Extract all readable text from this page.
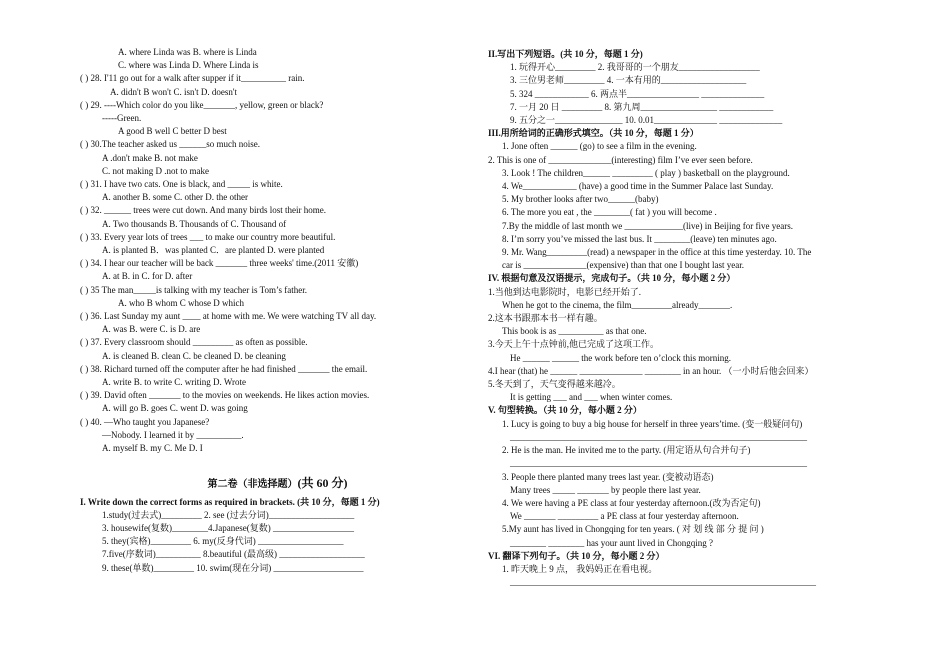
A. where Linda was B. where is Linda
C. where was Linda D. Where Linda is
( ) 28. I'11 go out for a walk after supper if it__________ rain.
A. didn't B won't C. isn't D. doesn't
( ) 29. ----Which color do you like_______, yellow, green or black?
-----Green.
A good B well C better D best
( ) 30.The teacher asked us ______so much noise.
A .don't make B. not make
C. not making D .not to make
( ) 31. I have two cats. One is black, and _____ is white.
A. another B. some C. other D. the other
( ) 32. ______ trees were cut down. And many birds lost their home.
A. Two thousands B. Thousands of C. Thousand of
( ) 33. Every year lots of trees ___ to make our country more beautiful.
A. is planted B．was planted C．are planted D. were planted
( ) 34. I hear our teacher will be back _______ three weeks' time.(2011 安徽)
A. at B. in C. for D. after
( ) 35 The man_____is talking with my teacher is Tom’s father.
A. who B whom C whose D which
( ) 36. Last Sunday my aunt ____ at home with me. We were watching TV all day.
A. was B. were C. is D. are
( ) 37. Every classroom should _________ as often as possible.
A. is cleaned B. clean C. be cleaned D. be cleaning
( ) 38. Richard turned off the computer after he had finished _______ the email.
A. write B. to write C. writing D. Wrote
( ) 39. David often _______ to the movies on weekends. He likes action movies.
A. will go B. goes C. went D. was going
( ) 40. —Who taught you Japanese?
—Nobody. I learned it by __________.
A. myself B. my C. Me D. I
第二卷（非选择题）(共 60 分)
I. Write down the correct forms as required in brackets. (共 10 分，每题 1 分)
1.study(过去式)_________ 2. see (过去分词)___________________
3. housewife(复数)________4.Japanese(复数) __________________
5. they(宾格)_________ 6. my(反身代词) ___________________
7.five(序数词)__________ 8.beautiful (最高级) ___________________
9. these(单数)_________ 10. swim(现在分词) ____________________
II.写出下列短语。(共 10 分，每题 1 分)
1. 玩得开心_________ 2. 我哥哥的一个朋友__________________
3. 三位男老师_________ 4. 一本有用的___________________
5. 324 ____________ 6. 两点半________________ ______________
7. 一月 20 日 _________ 8. 第九周_________________ ____________
9. 五分之一_______________ 10. 0.01______________ ______________
III.用所给词的正确形式填空。（共 10 分，每题 1 分）
1. Jone often ______ (go) to see a film in the evening.
2. This is one of ______________(interesting) film I’ve ever seen before.
3. Look ! The children______ _________ ( play ) basketball on the playground.
4. We____________ (have) a good time in the Summer Palace last Sunday.
5. My brother looks after two______(baby)
6. The more you eat , the ________( fat ) you will become .
7.By the middle of last month we _____________(live) in Beijing for five years.
8. I’m sorry you’ve missed the last bus. It ________(leave) ten minutes ago.
9. Mr. Wang_________(read) a newspaper in the office at this time yesterday. 10. The
car is ______________(expensive) than that one I bought last year.
IV. 根据句意及汉语提示，完成句子。（共 10 分，每小题 2 分）
1.当他到达电影院时，电影已经开始了.
When he got to the cinema, the film_________already_______.
2.这本书跟那本书一样有趣。
This book is as __________ as that one.
3.今天上午十点钟前,他已完成了这项工作。
He ______ ______ the work before ten o’clock this morning.
4.I hear (that) he ______ ______________ ________ in an hour. （一小时后他会回来）
5.冬天到了，天气变得越来越冷。
It is getting ___ and ___ when winter comes.
V. 句型转换。（共 10 分，每小题 2 分）
1. Lucy is going to buy a big house for herself in three years’time. (变一般疑问句)
__________________________________________________________________
2. He is the man. He invited me to the party. (用定语从句合并句子)
__________________________________________________________________
3. People there planted many trees last year. (变被动语态)
Many trees _____ _______ by people there last year.
4. We were having a PE class at four yesterday afternoon.(改为否定句)
We _______ _________ a PE class at four yesterday afternoon.
5.My aunt has lived in Chongqing for ten years. ( 对 划 线 部 分 提 问 )
________ ________ has your aunt lived in Chongqing ?
VI. 翻译下列句子。（共 10 分，每小题 2 分）
1. 昨天晚上 9 点， 我妈妈正在看电视。
____________________________________________________________________
